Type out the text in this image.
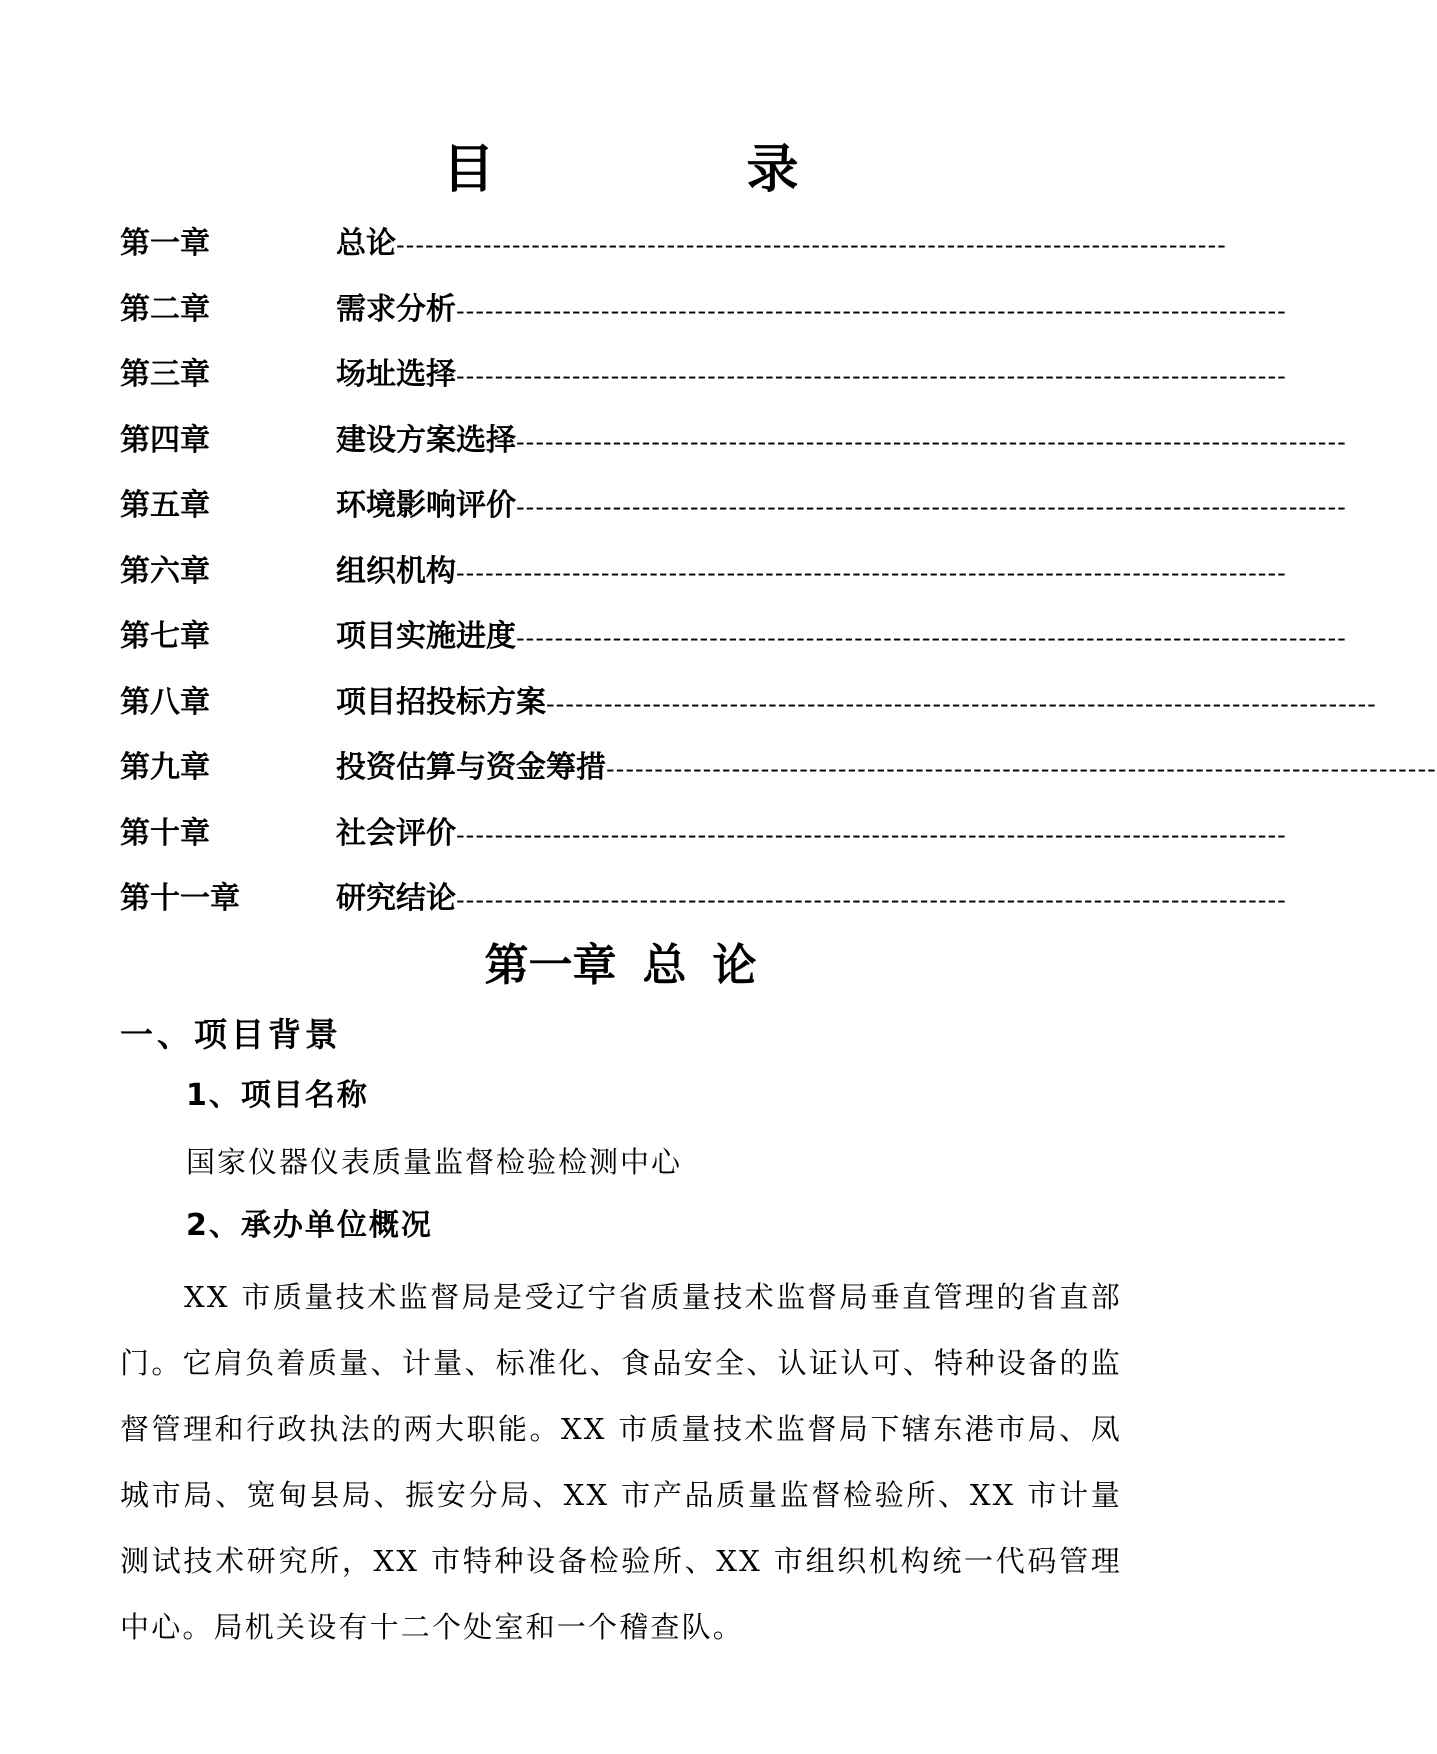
目　录
第一章	总论 --------------------------------------------------------------------------------------
第二章	需求分析 --------------------------------------------------------------------------------------
第三章	场址选择 --------------------------------------------------------------------------------------
第四章	建设方案选择 --------------------------------------------------------------------------------------
第五章	环境影响评价 --------------------------------------------------------------------------------------
第六章	组织机构 --------------------------------------------------------------------------------------
第七章	项目实施进度 --------------------------------------------------------------------------------------
第八章	项目招投标方案 --------------------------------------------------------------------------------------
第九章	投资估算与资金筹措 --------------------------------------------------------------------------------------
第十章	社会评价 --------------------------------------------------------------------------------------
第十一章	研究结论 --------------------------------------------------------------------------------------
第一章 总 论
一、项目背景
1、项目名称
国家仪器仪表质量监督检验检测中心
2、承办单位概况
XX 市质量技术监督局是受辽宁省质量技术监督局垂直管理的省直部门。它肩负着质量、计量、标准化、食品安全、认证认可、特种设备的监督管理和行政执法的两大职能。XX 市质量技术监督局下辖东港市局、凤城市局、宽甸县局、振安分局、XX 市产品质量监督检验所、XX 市计量测试技术研究所，XX 市特种设备检验所、XX 市组织机构统一代码管理中心。局机关设有十二个处室和一个稽查队。
